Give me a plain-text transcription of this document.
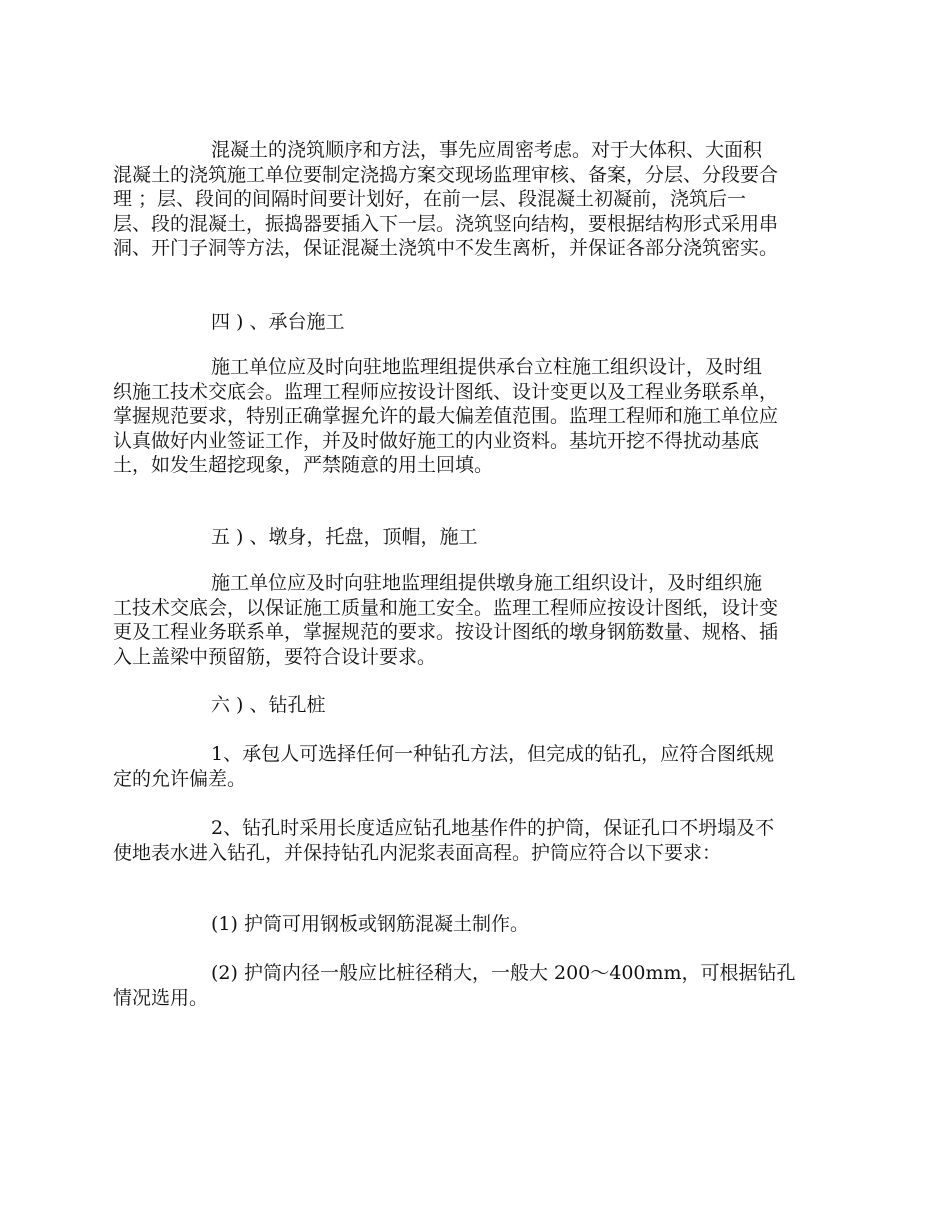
混凝土的浇筑顺序和方法，事先应周密考虑。对于大体积、大面积混凝土的浇筑施工单位要制定浇捣方案交现场监理审核、备案，分层、分段要合理 ；层、段间的间隔时间要计划好，在前一层、段混凝土初凝前，浇筑后一层、段的混凝土，振捣器要插入下一层。浇筑竖向结构，要根据结构形式采用串洞、开门子洞等方法，保证混凝土浇筑中不发生离析，并保证各部分浇筑密实。

四 ) 、承台施工

施工单位应及时向驻地监理组提供承台立柱施工组织设计，及时组织施工技术交底会。监理工程师应按设计图纸、设计变更以及工程业务联系单，掌握规范要求，特别正确掌握允许的最大偏差值范围。监理工程师和施工单位应认真做好内业签证工作，并及时做好施工的内业资料。基坑开挖不得扰动基底土，如发生超挖现象，严禁随意的用土回填。

五 ) 、墩身，托盘，顶帽，施工

施工单位应及时向驻地监理组提供墩身施工组织设计，及时组织施工技术交底会，以保证施工质量和施工安全。监理工程师应按设计图纸，设计变更及工程业务联系单，掌握规范的要求。按设计图纸的墩身钢筋数量、规格、插入上盖梁中预留筋，要符合设计要求。

六 ) 、钻孔桩

1、承包人可选择任何一种钻孔方法，但完成的钻孔，应符合图纸规定的允许偏差。

2、钻孔时采用长度适应钻孔地基作件的护筒，保证孔口不坍塌及不使地表水进入钻孔，并保持钻孔内泥浆表面高程。护筒应符合以下要求：

(1) 护筒可用钢板或钢筋混凝土制作。

(2) 护筒内径一般应比桩径稍大，一般大 200～400mm，可根据钻孔情况选用。
